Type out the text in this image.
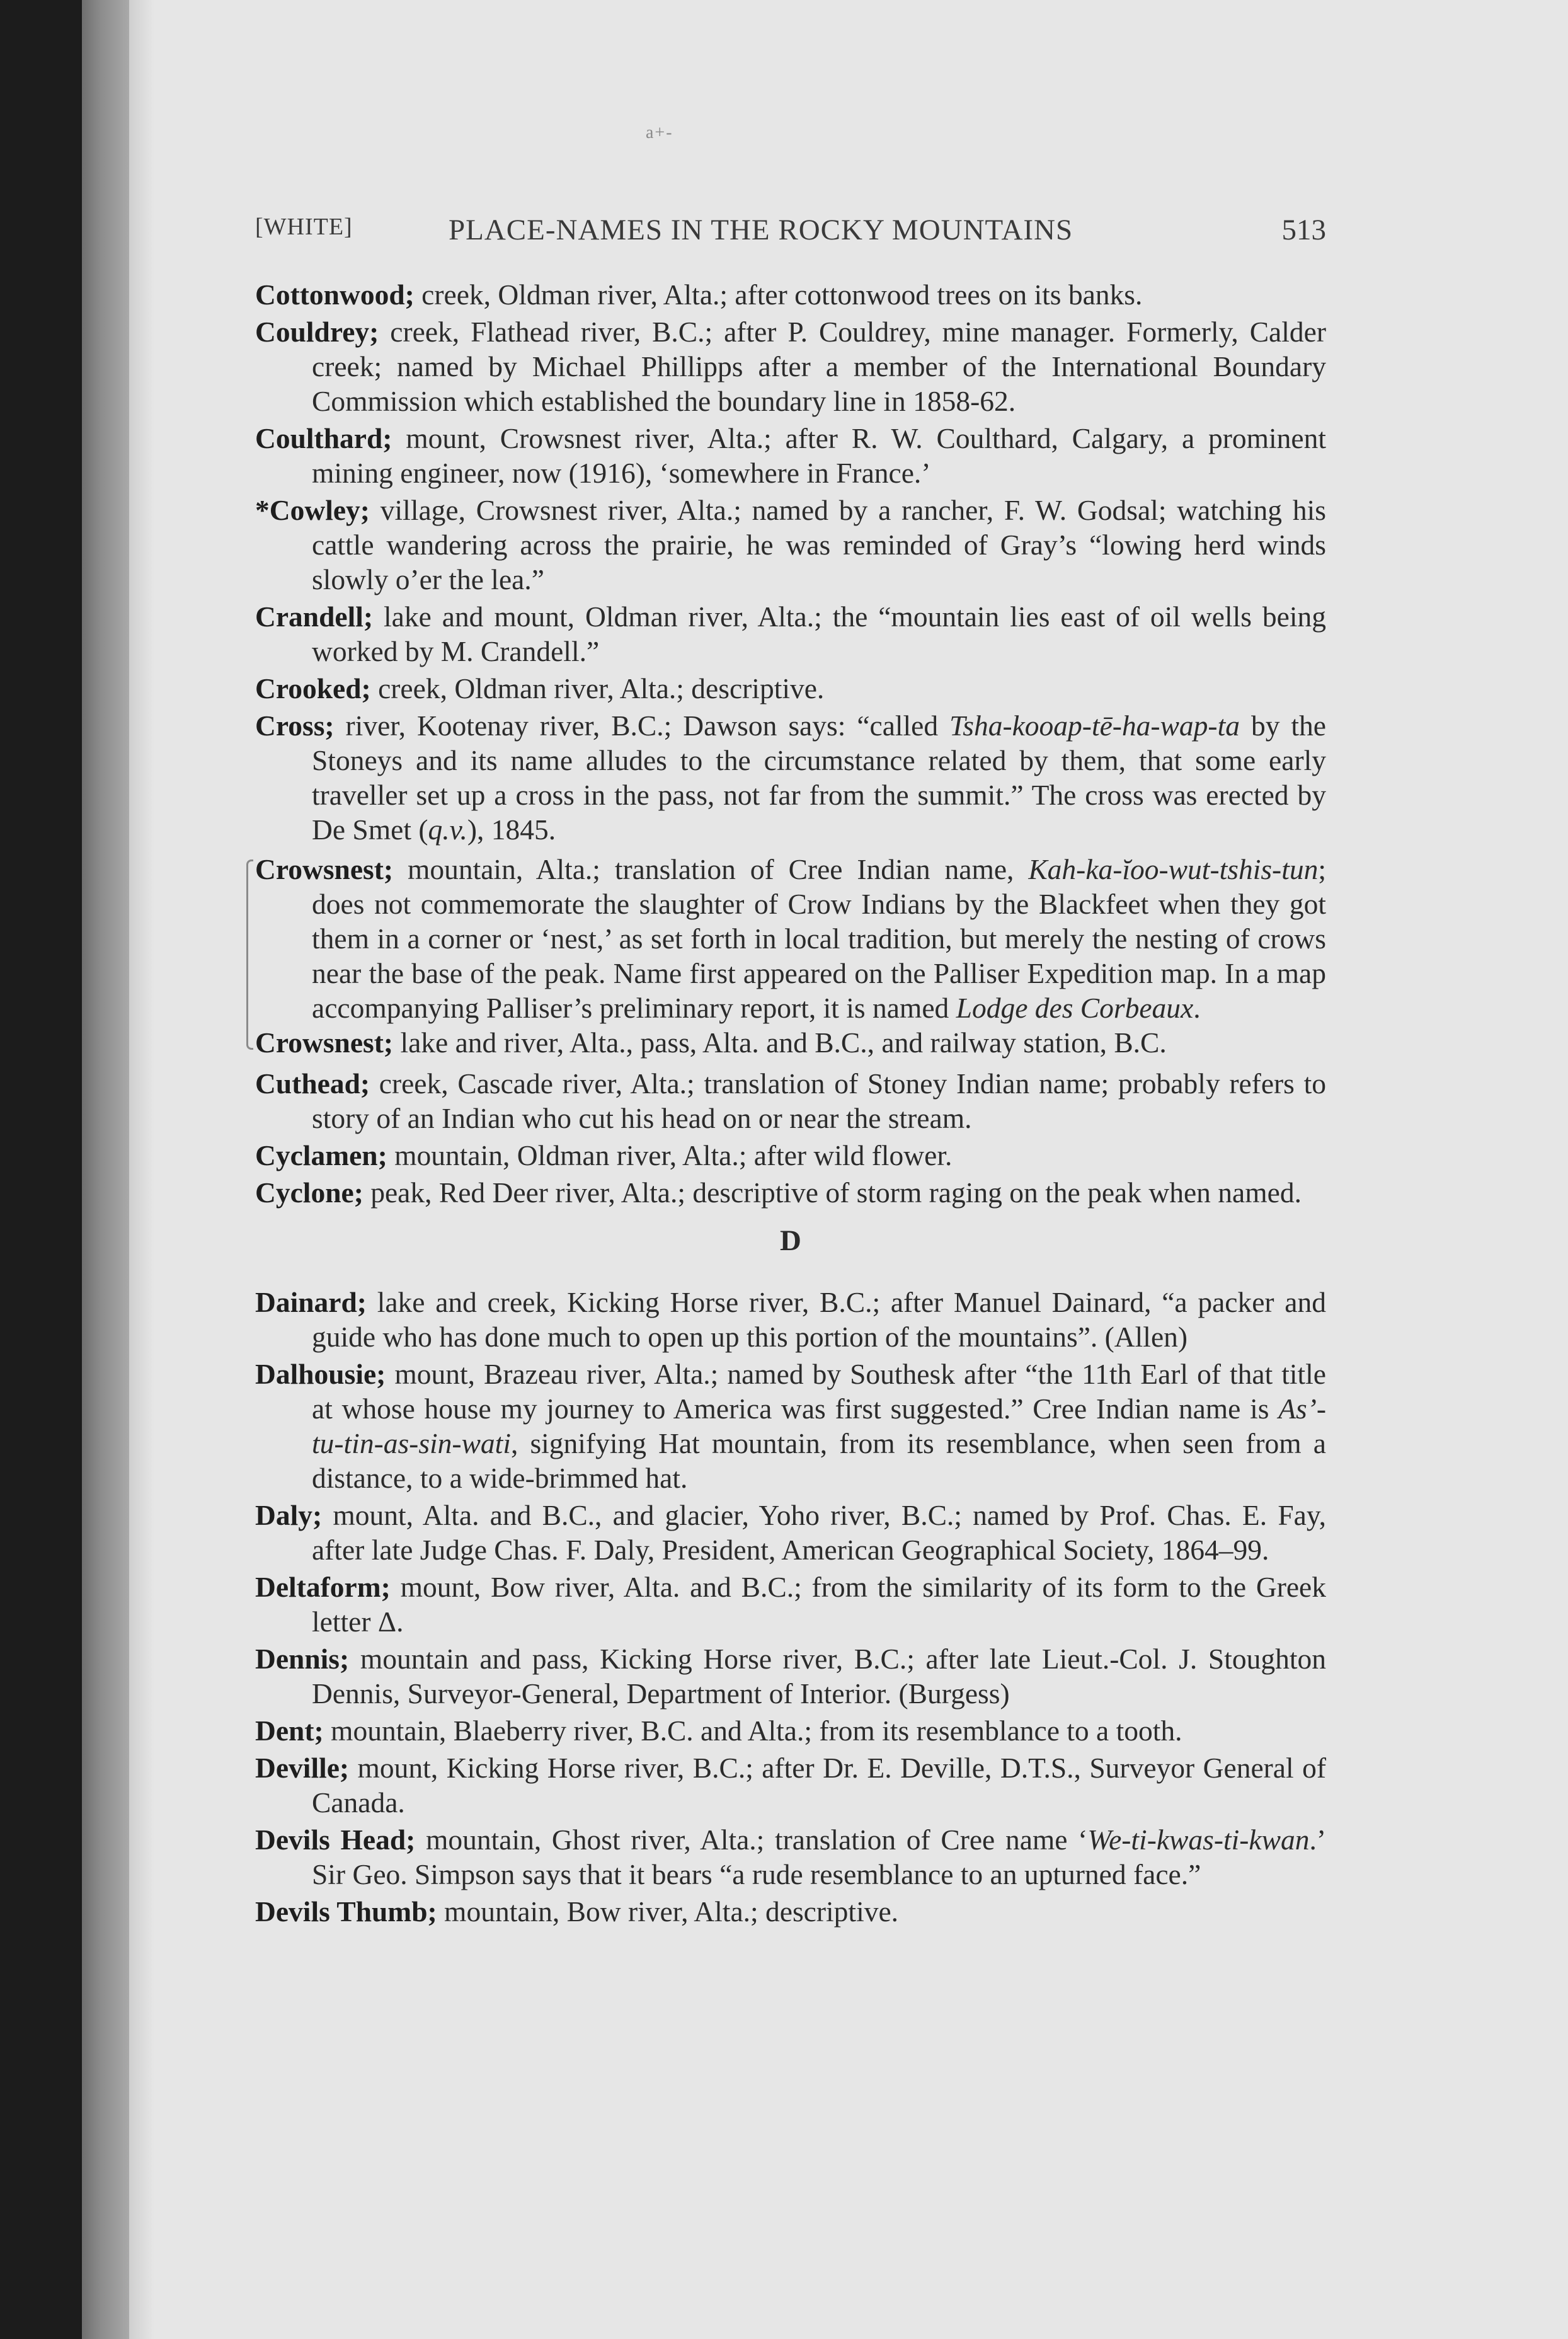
a+-
[WHITE]	PLACE-NAMES IN THE ROCKY MOUNTAINS	513

Cottonwood; creek, Oldman river, Alta.; after cottonwood trees on its banks.

Couldrey; creek, Flathead river, B.C.; after P. Couldrey, mine manager. Formerly, Calder creek; named by Michael Phillipps after a member of the International Boundary Commission which established the boundary line in 1858-62.

Coulthard; mount, Crowsnest river, Alta.; after R. W. Coulthard, Calgary, a prominent mining engineer, now (1916), ‘somewhere in France.’

*Cowley; village, Crowsnest river, Alta.; named by a rancher, F. W. Godsal; watching his cattle wandering across the prairie, he was reminded of Gray’s “lowing herd winds slowly o’er the lea.”

Crandell; lake and mount, Oldman river, Alta.; the “mountain lies east of oil wells being worked by M. Crandell.”

Crooked; creek, Oldman river, Alta.; descriptive.

Cross; river, Kootenay river, B.C.; Dawson says: “called Tsha-kooap-tē-ha-wap-ta by the Stoneys and its name alludes to the circumstance related by them, that some early traveller set up a cross in the pass, not far from the summit.” The cross was erected by De Smet (q.v.), 1845.

Crowsnest; mountain, Alta.; translation of Cree Indian name, Kah-ka-ĭoo-wut-tshis-tun; does not commemorate the slaughter of Crow Indians by the Blackfeet when they got them in a corner or ‘nest,’ as set forth in local tradition, but merely the nesting of crows near the base of the peak. Name first appeared on the Palliser Expedition map. In a map accompanying Palliser’s preliminary report, it is named Lodge des Corbeaux.

Crowsnest; lake and river, Alta., pass, Alta. and B.C., and railway station, B.C.

Cuthead; creek, Cascade river, Alta.; translation of Stoney Indian name; probably refers to story of an Indian who cut his head on or near the stream.

Cyclamen; mountain, Oldman river, Alta.; after wild flower.

Cyclone; peak, Red Deer river, Alta.; descriptive of storm raging on the peak when named.

D

Dainard; lake and creek, Kicking Horse river, B.C.; after Manuel Dainard, “a packer and guide who has done much to open up this portion of the mountains”. (Allen)

Dalhousie; mount, Brazeau river, Alta.; named by Southesk after “the 11th Earl of that title at whose house my journey to America was first suggested.” Cree Indian name is As’-tu-tin-as-sin-wati, signifying Hat mountain, from its resemblance, when seen from a distance, to a wide-brimmed hat.

Daly; mount, Alta. and B.C., and glacier, Yoho river, B.C.; named by Prof. Chas. E. Fay, after late Judge Chas. F. Daly, President, American Geographical Society, 1864–99.

Deltaform; mount, Bow river, Alta. and B.C.; from the similarity of its form to the Greek letter Δ.

Dennis; mountain and pass, Kicking Horse river, B.C.; after late Lieut.-Col. J. Stoughton Dennis, Surveyor-General, Department of Interior. (Burgess)

Dent; mountain, Blaeberry river, B.C. and Alta.; from its resemblance to a tooth.

Deville; mount, Kicking Horse river, B.C.; after Dr. E. Deville, D.T.S., Surveyor General of Canada.

Devils Head; mountain, Ghost river, Alta.; translation of Cree name ‘We-ti-kwas-ti-kwan.’ Sir Geo. Simpson says that it bears “a rude resemblance to an upturned face.”

Devils Thumb; mountain, Bow river, Alta.; descriptive.
